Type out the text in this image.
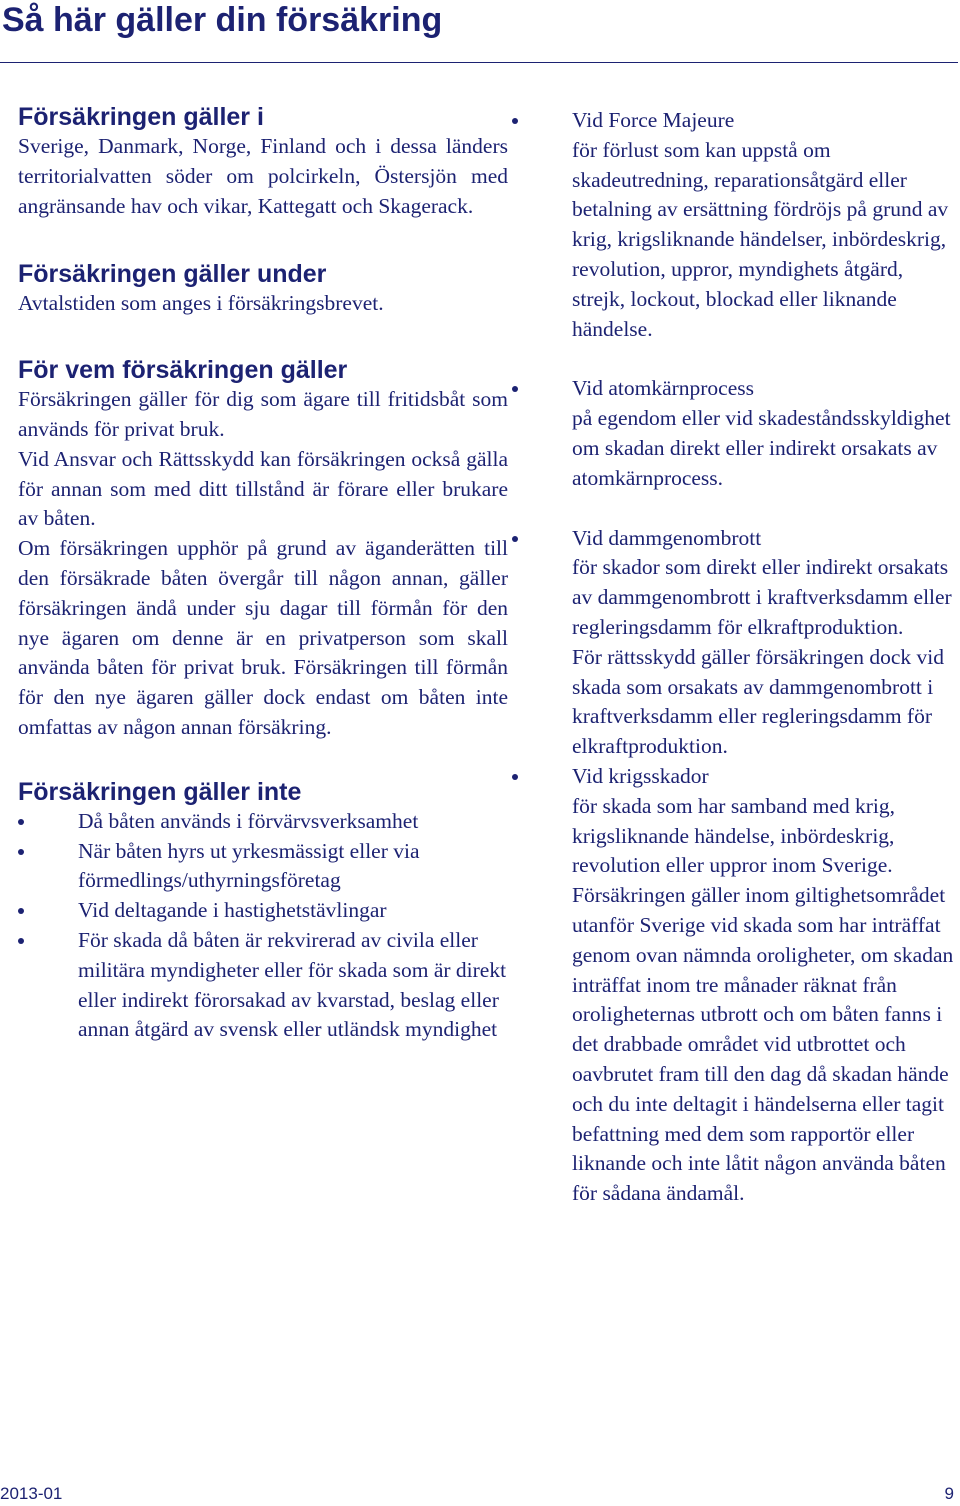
Så här gäller din försäkring
Försäkringen gäller i

Sverige, Danmark, Norge, Finland och i dessa länders territorialvatten söder om polcirkeln, Östersjön med angränsande hav och vikar, Kattegatt och Skagerack.

Försäkringen gäller under

Avtalstiden som anges i försäkringsbrevet.

För vem försäkringen gäller

Försäkringen gäller för dig som ägare till fritidsbåt som används för privat bruk.

Vid Ansvar och Rättsskydd kan försäkringen också gälla för annan som med ditt tillstånd är förare eller brukare av båten.

Om försäkringen upphör på grund av äganderätten till den försäkrade båten övergår till någon annan, gäller försäkringen ändå under sju dagar till förmån för den nye ägaren om denne är en privatperson som skall använda båten för privat bruk. Försäkringen till förmån för den nye ägaren gäller dock endast om båten inte omfattas av någon annan försäkring.

Försäkringen gäller inte
Då båten används i förvärvsverksamhet
När båten hyrs ut yrkesmässigt eller via förmedlings/uthyrningsföretag
Vid deltagande i hastighetstävlingar
För skada då båten är rekvirerad av civila eller militära myndigheter eller för skada som är direkt eller indirekt förorsakad av kvarstad, beslag eller annan åtgärd av svensk eller utländsk myndighet
Vid Force Majeure
för förlust som kan uppstå om skadeutredning, reparationsåtgärd eller betalning av ersättning fördröjs på grund av krig, krigsliknande händelser, inbördeskrig, revolution, uppror, myndighets åtgärd, strejk, lockout, blockad eller liknande händelse.
Vid atomkärnprocess
på egendom eller vid skadeståndsskyldighet om skadan direkt eller indirekt orsakats av atomkärnprocess.
Vid dammgenombrott
för skador som direkt eller indirekt orsakats av dammgenombrott i kraftverksdamm eller regleringsdamm för elkraftproduktion.
För rättsskydd gäller försäkringen dock vid skada som orsakats av dammgenombrott i kraftverksdamm eller regleringsdamm för elkraftproduktion.
Vid krigsskador
för skada som har samband med krig, krigsliknande händelse, inbördeskrig, revolution eller uppror inom Sverige. Försäkringen gäller inom giltighetsområdet utanför Sverige vid skada som har inträffat genom ovan nämnda oroligheter, om skadan inträffat inom tre månader räknat från oroligheternas utbrott och om båten fanns i det drabbade området vid utbrottet och oavbrutet fram till den dag då skadan hände och du inte deltagit i händelserna eller tagit befattning med dem som rapportör eller liknande och inte låtit någon använda båten för sådana ändamål.
2013-01	9
